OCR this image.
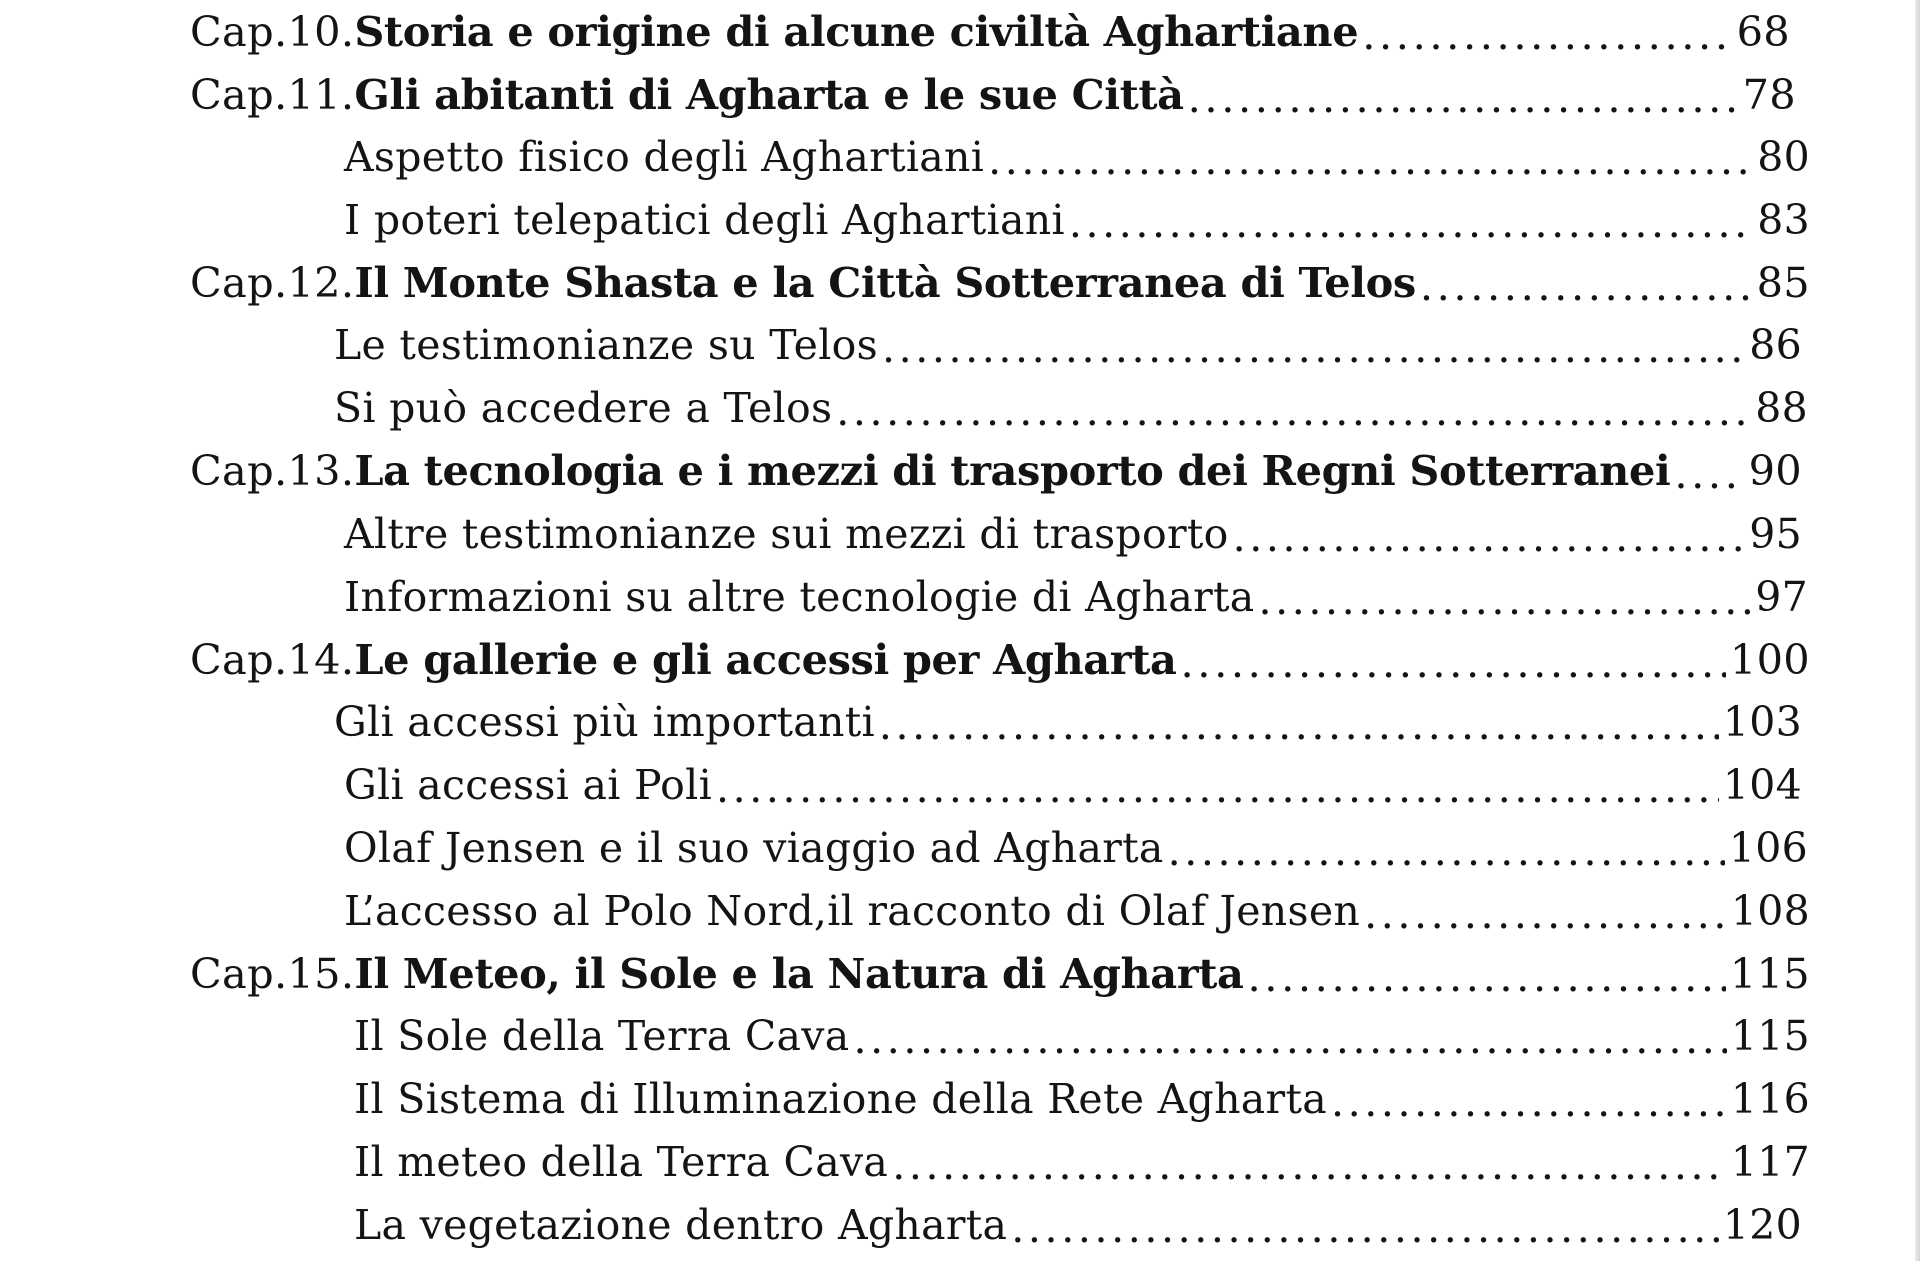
Cap.10. Storia e origine di alcune civiltà Aghartiane .....	68
Cap.11. Gli abitanti di Agharta e le sue Città .....	78
Aspetto fisico degli Aghartiani .....	80
I poteri telepatici degli Aghartiani .....	83
Cap.12. Il Monte Shasta e la Città Sotterranea di Telos .....	85
Le testimonianze su Telos .....	86
Si può accedere a Telos .....	88
Cap.13. La tecnologia e i mezzi di trasporto dei Regni Sotterranei ..... 90
Altre testimonianze sui mezzi di trasporto .....	95
Informazioni su altre tecnologie di Agharta .....	97
Cap.14. Le gallerie e gli accessi per Agharta .....	100
Gli accessi più importanti .....	103
Gli accessi ai Poli .....	104
Olaf Jensen e il suo viaggio ad Agharta .....	106
L’accesso al Polo Nord,il racconto di Olaf Jensen .....	108
Cap.15. Il Meteo, il Sole e la Natura di Agharta .....	115
Il Sole della Terra Cava .....	115
Il Sistema di Illuminazione della Rete Agharta .....	116
Il meteo della Terra Cava .....	117
La vegetazione dentro Agharta .....	120
